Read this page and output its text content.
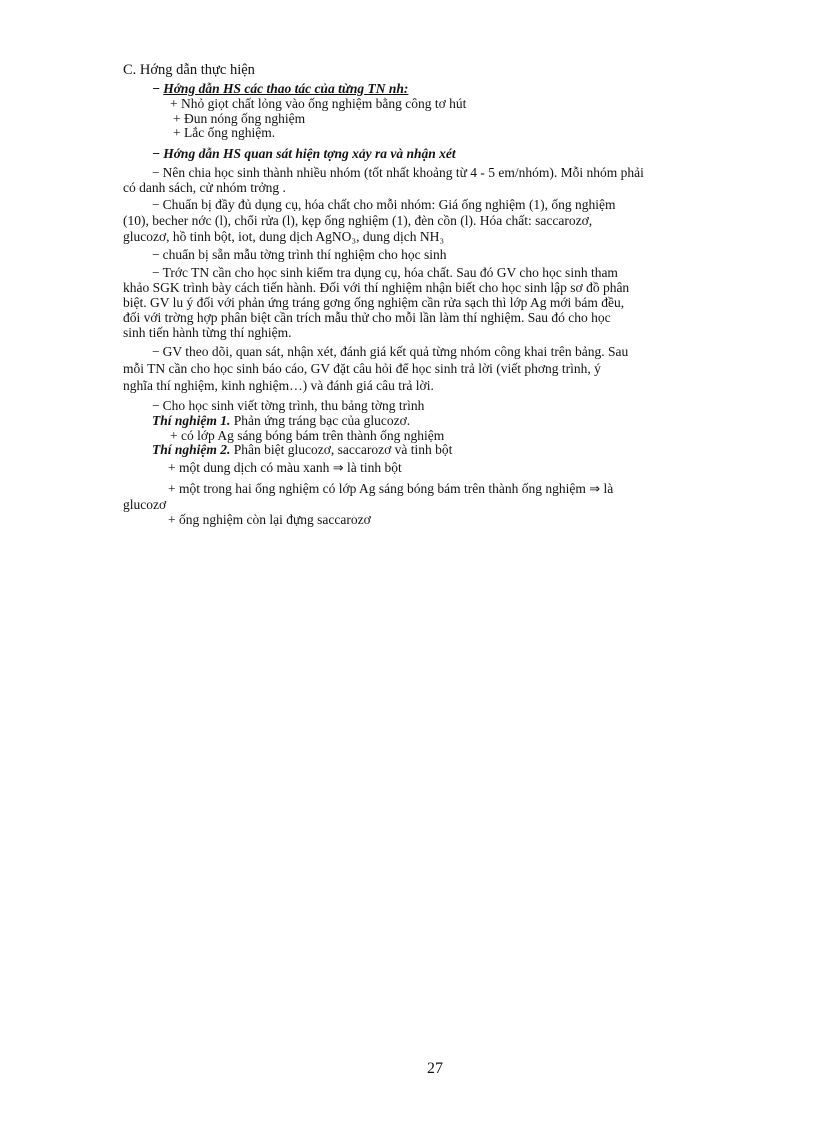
C. Hớng dẫn thực hiện
− Hớng dẫn HS các thao tác của từng TN nh:
+ Nhỏ giọt chất lỏng vào ống nghiệm bằng công tơ hút
+ Đun nóng ống nghiệm
+ Lắc ống nghiệm.
− Hớng dẫn HS quan sát hiện tợng xảy ra và nhận xét
− Nên chia học sinh thành nhiều nhóm (tốt nhất khoảng từ 4 - 5 em/nhóm). Mỗi nhóm phải
có danh sách, cử nhóm trởng .
− Chuẩn bị đầy đủ dụng cụ, hóa chất cho mỗi nhóm: Giá ống nghiệm (1), ống nghiệm
(10), becher nớc (l), chổi rửa (l), kẹp ống nghiệm (1), đèn cồn (l). Hóa chất: saccarozơ,
glucozơ, hồ tinh bột, iot, dung dịch AgNO₃, dung dịch NH₃
− chuẩn bị sẵn mẫu tờng trình thí nghiệm cho học sinh
− Trớc TN cần cho học sinh kiểm tra dụng cụ, hóa chất. Sau đó GV cho học sinh tham
khảo SGK trình bày cách tiến hành. Đối với thí nghiệm nhận biết cho học sinh lập sơ đồ phân
biệt. GV lu ý đối với phản ứng tráng gơng ống nghiệm cần rửa sạch thì lớp Ag mới bám đều,
đối với trờng hợp phân biệt cần trích mẫu thử cho mỗi lần làm thí nghiệm. Sau đó cho học
sinh tiến hành từng thí nghiệm.
− GV theo dõi, quan sát, nhận xét, đánh giá kết quả từng nhóm công khai trên bảng. Sau
mỗi TN cần cho học sinh báo cáo, GV đặt câu hỏi để học sinh trả lời (viết phơng trình, ý
nghĩa thí nghiệm, kinh nghiệm…) và đánh giá câu trả lời.
− Cho học sinh viết tờng trình, thu bảng tờng trình
Thí nghiệm 1. Phản ứng tráng bạc của glucozơ.
+ có lớp Ag sáng bóng bám trên thành ống nghiệm
Thí nghiệm 2. Phân biệt glucozơ, saccarozơ và tinh bột
+ một dung dịch có màu xanh ⇒ là tinh bột
+ một trong hai ống nghiệm có lớp Ag sáng bóng bám trên thành ống nghiệm ⇒ là
glucozơ
+ ống nghiệm còn lại đựng saccarozơ
27
